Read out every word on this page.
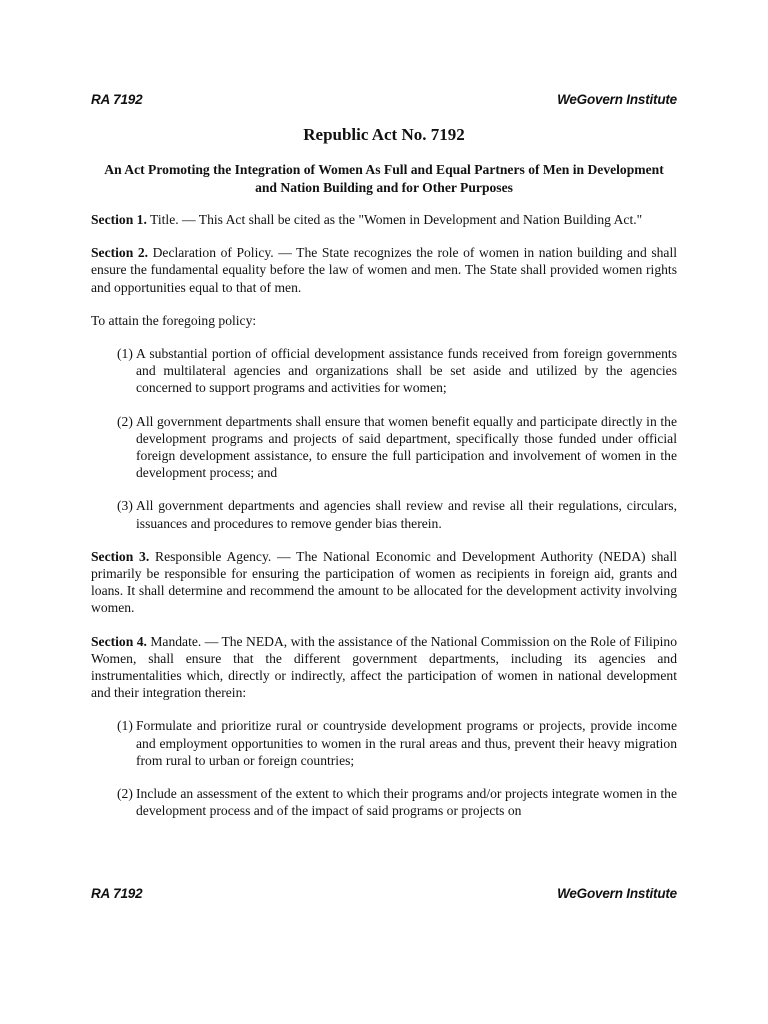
RA 7192	WeGovern Institute
Republic Act No. 7192
An Act Promoting the Integration of Women As Full and Equal Partners of Men in Development and Nation Building and for Other Purposes

Section 1. Title. — This Act shall be cited as the "Women in Development and Nation Building Act."

Section 2. Declaration of Policy. — The State recognizes the role of women in nation building and shall ensure the fundamental equality before the law of women and men. The State shall provided women rights and opportunities equal to that of men.

To attain the foregoing policy:

(1) A substantial portion of official development assistance funds received from foreign governments and multilateral agencies and organizations shall be set aside and utilized by the agencies concerned to support programs and activities for women;
(2) All government departments shall ensure that women benefit equally and participate directly in the development programs and projects of said department, specifically those funded under official foreign development assistance, to ensure the full participation and involvement of women in the development process; and
(3) All government departments and agencies shall review and revise all their regulations, circulars, issuances and procedures to remove gender bias therein.

Section 3. Responsible Agency. — The National Economic and Development Authority (NEDA) shall primarily be responsible for ensuring the participation of women as recipients in foreign aid, grants and loans. It shall determine and recommend the amount to be allocated for the development activity involving women.

Section 4. Mandate. — The NEDA, with the assistance of the National Commission on the Role of Filipino Women, shall ensure that the different government departments, including its agencies and instrumentalities which, directly or indirectly, affect the participation of women in national development and their integration therein:

(1) Formulate and prioritize rural or countryside development programs or projects, provide income and employment opportunities to women in the rural areas and thus, prevent their heavy migration from rural to urban or foreign countries;
(2) Include an assessment of the extent to which their programs and/or projects integrate women in the development process and of the impact of said programs or projects on
RA 7192	WeGovern Institute
